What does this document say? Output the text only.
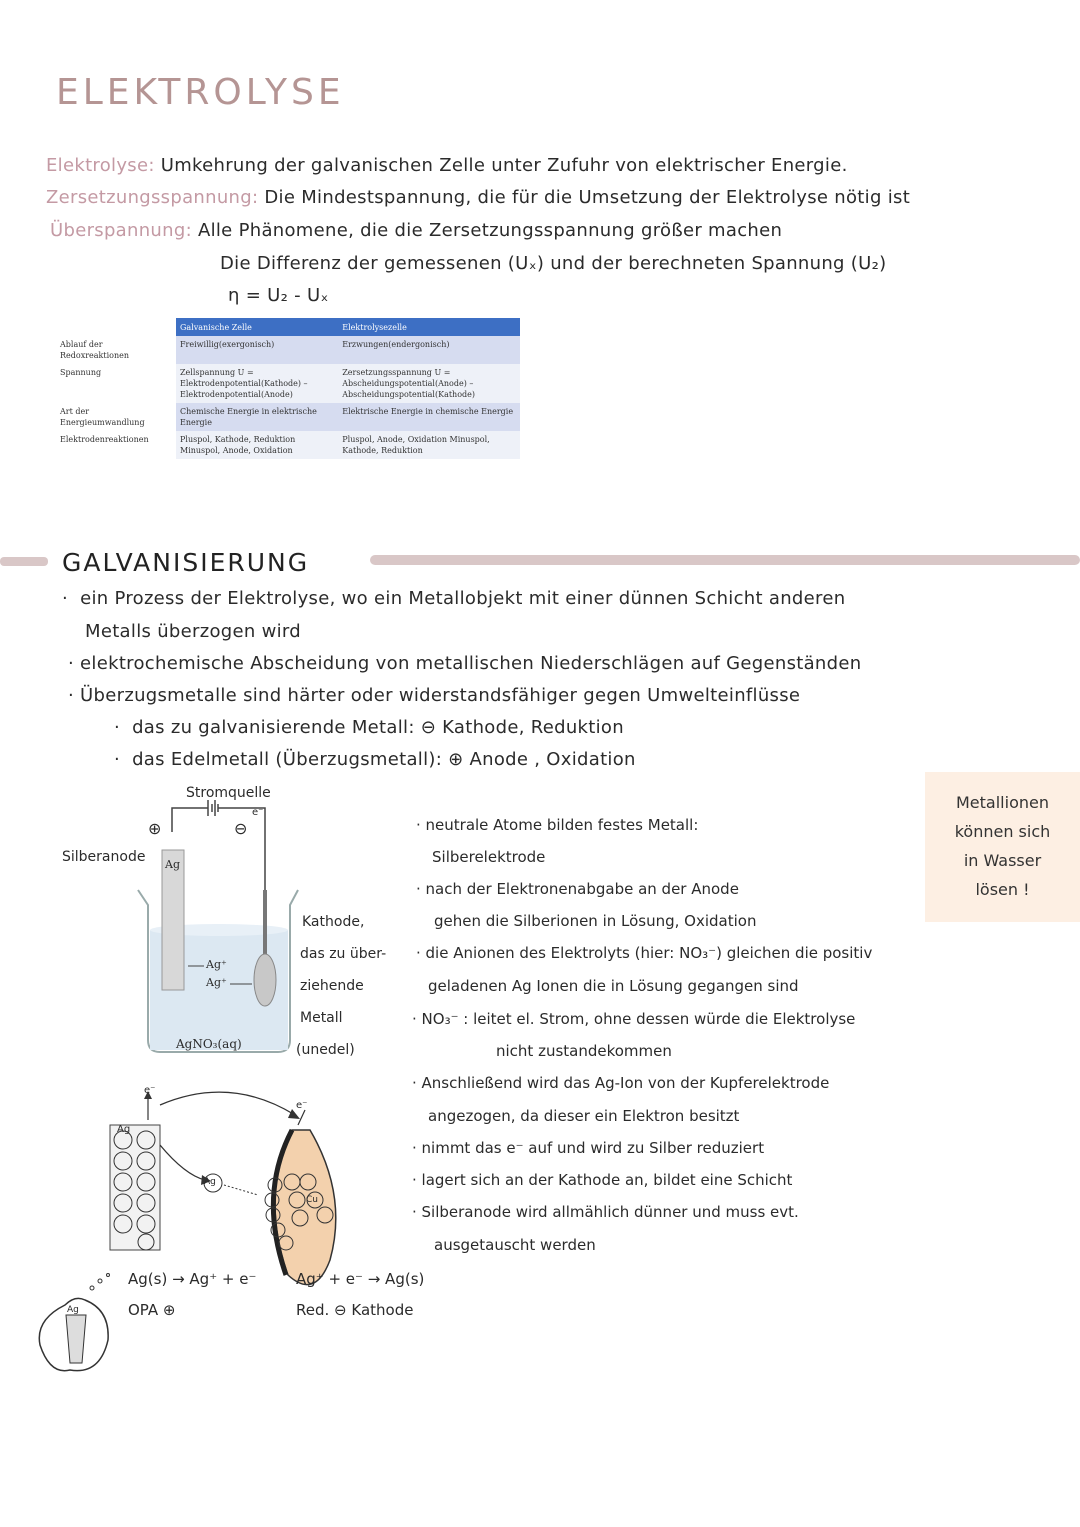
ELEKTROLYSE
Elektrolyse: Umkehrung der galvanischen Zelle unter Zufuhr von elektrischer Energie.
Zersetzungsspannung: Die Mindestspannung, die für die Umsetzung der Elektrolyse nötig ist
Überspannung: Alle Phänomene, die die Zersetzungsspannung größer machen
Die Differenz der gemessenen (Uₓ) und der berechneten Spannung (U₂)
η = U₂ - Uₓ
	Galvanische Zelle	Elektrolysezelle
Ablauf der Redoxreaktionen	Freiwillig(exergonisch)	Erzwungen(endergonisch)
Spannung	Zellspannung U = Elektrodenpotential(Kathode) – Elektrodenpotential(Anode)	Zersetzungsspannung U = Abscheidungspotential(Anode) – Abscheidungspotential(Kathode)
Art der Energieumwandlung	Chemische Energie in elektrische Energie	Elektrische Energie in chemische Energie
Elektrodenreaktionen	Pluspol, Kathode, Reduktion Minuspol, Anode, Oxidation	Pluspol, Anode, Oxidation Minuspol, Kathode, Reduktion
GALVANISIERUNG
·  ein Prozess der Elektrolyse, wo ein Metallobjekt mit einer dünnen Schicht anderen
Metalls überzogen wird
· elektrochemische Abscheidung von metallischen Niederschlägen auf Gegenständen
· Überzugsmetalle sind härter oder widerstandsfähiger gegen Umwelteinflüsse
·  das zu galvanisierende Metall: ⊖ Kathode, Reduktion
·  das Edelmetall (Überzugsmetall): ⊕ Anode , Oxidation
Metallionen
können sich
in Wasser
lösen !
Stromquelle
⊕	⊖
e⁻
Silberanode Ag
Ag⁺
Ag⁺
AgNO₃(aq)
Kathode,
das zu über-
ziehende
Metall
(unedel)
· neutrale Atome bilden festes Metall:
Silberelektrode
· nach der Elektronenabgabe an der Anode
gehen die Silberionen in Lösung, Oxidation
· die Anionen des Elektrolyts (hier: NO₃⁻) gleichen die positiv
geladenen Ag Ionen die in Lösung gegangen sind
· NO₃⁻ : leitet el. Strom, ohne dessen würde die Elektrolyse
nicht zustandekommen
· Anschließend wird das Ag-Ion von der Kupferelektrode
angezogen, da dieser ein Elektron besitzt
· nimmt das e⁻ auf und wird zu Silber reduziert
· lagert sich an der Kathode an, bildet eine Schicht
· Silberanode wird allmählich dünner und muss evt.
ausgetauscht werden
Ag
Ag
Cu
Ag
e⁻
e⁻
Ag(s) → Ag⁺ + e⁻
OPA ⊕
Ag⁺ + e⁻ → Ag(s)
Red. ⊖ Kathode
